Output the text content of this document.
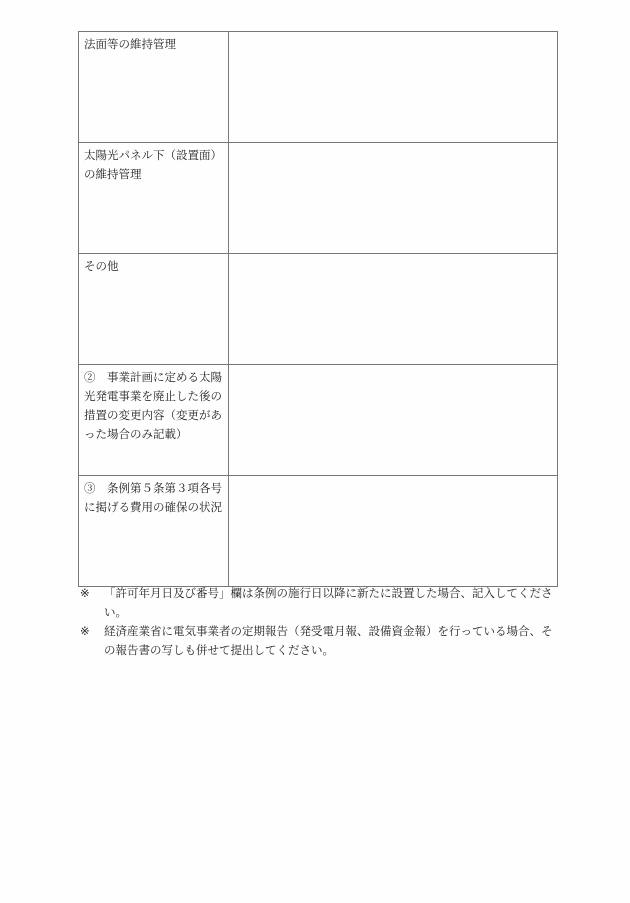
法面等の維持管理	
太陽光パネル下（設置面）の維持管理	
その他	
②　事業計画に定める太陽光発電事業を廃止した後の措置の変更内容（変更があった場合のみ記載）	
③　条例第５条第３項各号に掲げる費用の確保の状況	
※	「許可年月日及び番号」欄は条例の施行日以降に新たに設置した場合、記入してください。
※	経済産業省に電気事業者の定期報告（発受電月報、設備資金報）を行っている場合、その報告書の写しも併せて提出してください。
